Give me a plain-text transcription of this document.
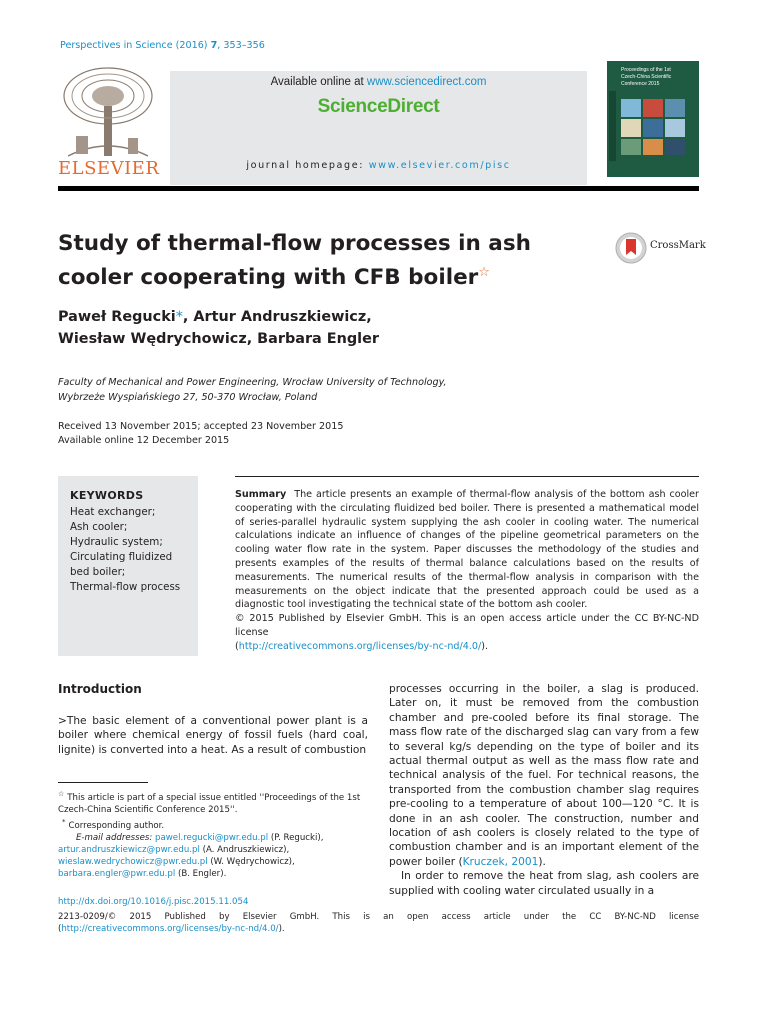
Perspectives in Science (2016) 7, 353–356
ELSEVIER
Available online at www.sciencedirect.com
ScienceDirect
journal homepage: www.elsevier.com/pisc
Proceedings of the 1st
Czech-China Scientific
Conference 2015
Study of thermal-flow processes in ash
cooler cooperating with CFB boiler☆
CrossMark
Paweł Regucki*, Artur Andruszkiewicz,
Wiesław Wędrychowicz, Barbara Engler
Faculty of Mechanical and Power Engineering, Wrocław University of Technology,
Wybrzeże Wyspiańskiego 27, 50-370 Wrocław, Poland
Received 13 November 2015; accepted 23 November 2015
Available online 12 December 2015
KEYWORDS
Heat exchanger;
Ash cooler;
Hydraulic system;
Circulating fluidized
bed boiler;
Thermal-flow process
Summary The article presents an example of thermal-flow analysis of the bottom ash cooler cooperating with the circulating fluidized bed boiler. There is presented a mathematical model of series-parallel hydraulic system supplying the ash cooler in cooling water. The numerical calculations indicate an influence of changes of the pipeline geometrical parameters on the cooling water flow rate in the system. Paper discusses the methodology of the studies and presents examples of the results of thermal balance calculations based on the results of measurements. The numerical results of the thermal-flow analysis in comparison with the measurements on the object indicate that the presented approach could be used as a diagnostic tool investigating the technical state of the bottom ash cooler.
© 2015 Published by Elsevier GmbH. This is an open access article under the CC BY-NC-ND license
(http://creativecommons.org/licenses/by-nc-nd/4.0/).
Introduction
>The basic element of a conventional power plant is a boiler where chemical energy of fossil fuels (hard coal, lignite) is converted into a heat. As a result of combustion

processes occurring in the boiler, a slag is produced. Later on, it must be removed from the combustion chamber and pre-cooled before its final storage. The mass flow rate of the discharged slag can vary from a few to several kg/s depending on the type of boiler and its actual thermal output as well as the mass flow rate and technical analysis of the fuel. For technical reasons, the transported from the combustion chamber slag requires pre-cooling to a temperature of about 100—120 °C. It is done in an ash cooler. The construction, number and location of ash coolers is closely related to the type of combustion chamber and is an important element of the power boiler (Kruczek, 2001).

In order to remove the heat from slag, ash coolers are supplied with cooling water circulated usually in a

☆ This article is part of a special issue entitled ''Proceedings of the 1st Czech-China Scientific Conference 2015''.
* Corresponding author.
E-mail addresses: pawel.regucki@pwr.edu.pl (P. Regucki),
artur.andruszkiewicz@pwr.edu.pl (A. Andruszkiewicz),
wieslaw.wedrychowicz@pwr.edu.pl (W. Wędrychowicz),
barbara.engler@pwr.edu.pl (B. Engler).
http://dx.doi.org/10.1016/j.pisc.2015.11.054
2213-0209/© 2015 Published by Elsevier GmbH. This is an open access article under the CC BY-NC-ND license
(http://creativecommons.org/licenses/by-nc-nd/4.0/).
